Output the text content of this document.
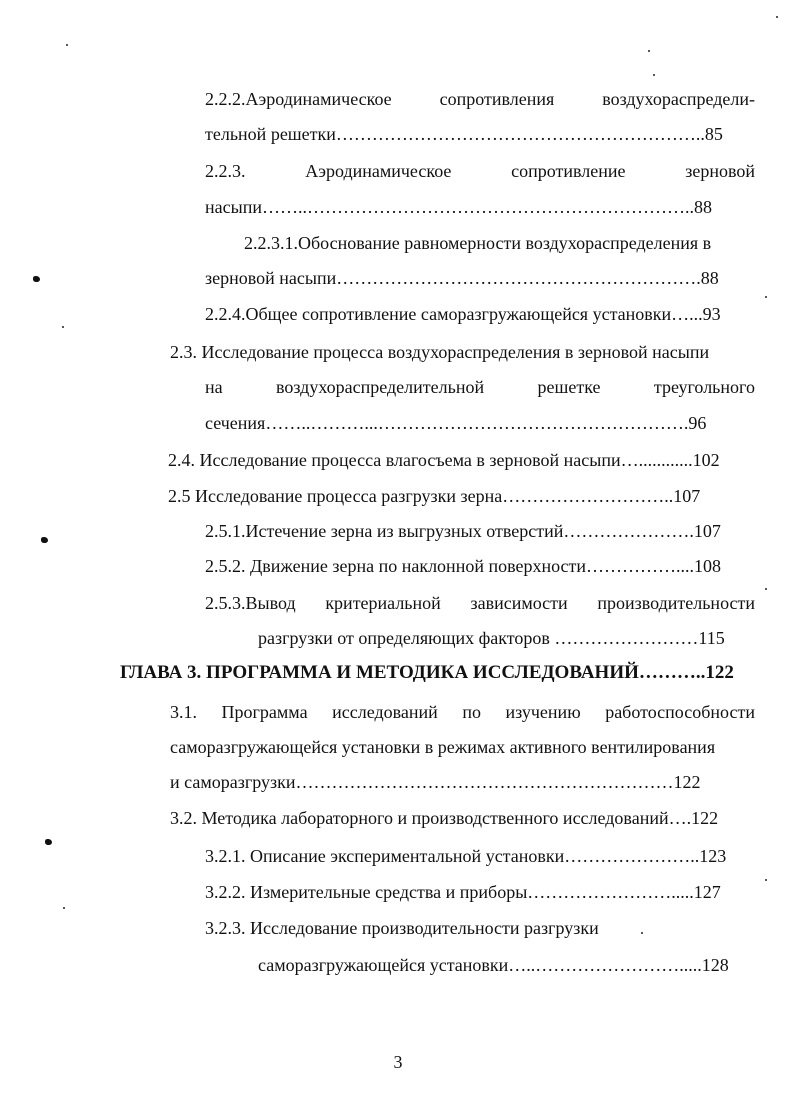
2.2.2.Аэродинамическое	сопротивления	воздухораспредели-
тельной решетки……………………………………………………..85
2.2.3.	Аэродинамическое	сопротивление	зерновой
насыпи……..………………………………………………………..88
2.2.3.1.Обоснование равномерности воздухораспределения в
зерновой насыпи…………………………………………………….88
2.2.4.Общее сопротивление саморазгружающейся установки…...93
2.3. Исследование процесса воздухораспределения в зерновой насыпи
на	воздухораспределительной	решетке	треугольного
сечения……..………...…………………………………………….96
2.4. Исследование процесса влагосъема в зерновой насыпи…............102
2.5 Исследование процесса разгрузки зерна………………………..107
2.5.1.Истечение зерна из выгрузных отверстий………………….107
2.5.2. Движение зерна по наклонной поверхности……………....108
2.5.3.Вывод критериальной зависимости производительности
разгрузки от определяющих факторов ……………………115
ГЛАВА 3. ПРОГРАММА И МЕТОДИКА ИССЛЕДОВАНИЙ………..122
3.1. Программа исследований по изучению работоспособности
саморазгружающейся установки в режимах активного вентилирования
и саморазгрузки………………………………………………………122
3.2. Методика лабораторного и производственного исследований….122
3.2.1. Описание экспериментальной установки…………………..123
3.2.2. Измерительные средства и приборы…………………….....127
3.2.3. Исследование производительности разгрузки
саморазгружающейся установки…..…………………….....128
3
